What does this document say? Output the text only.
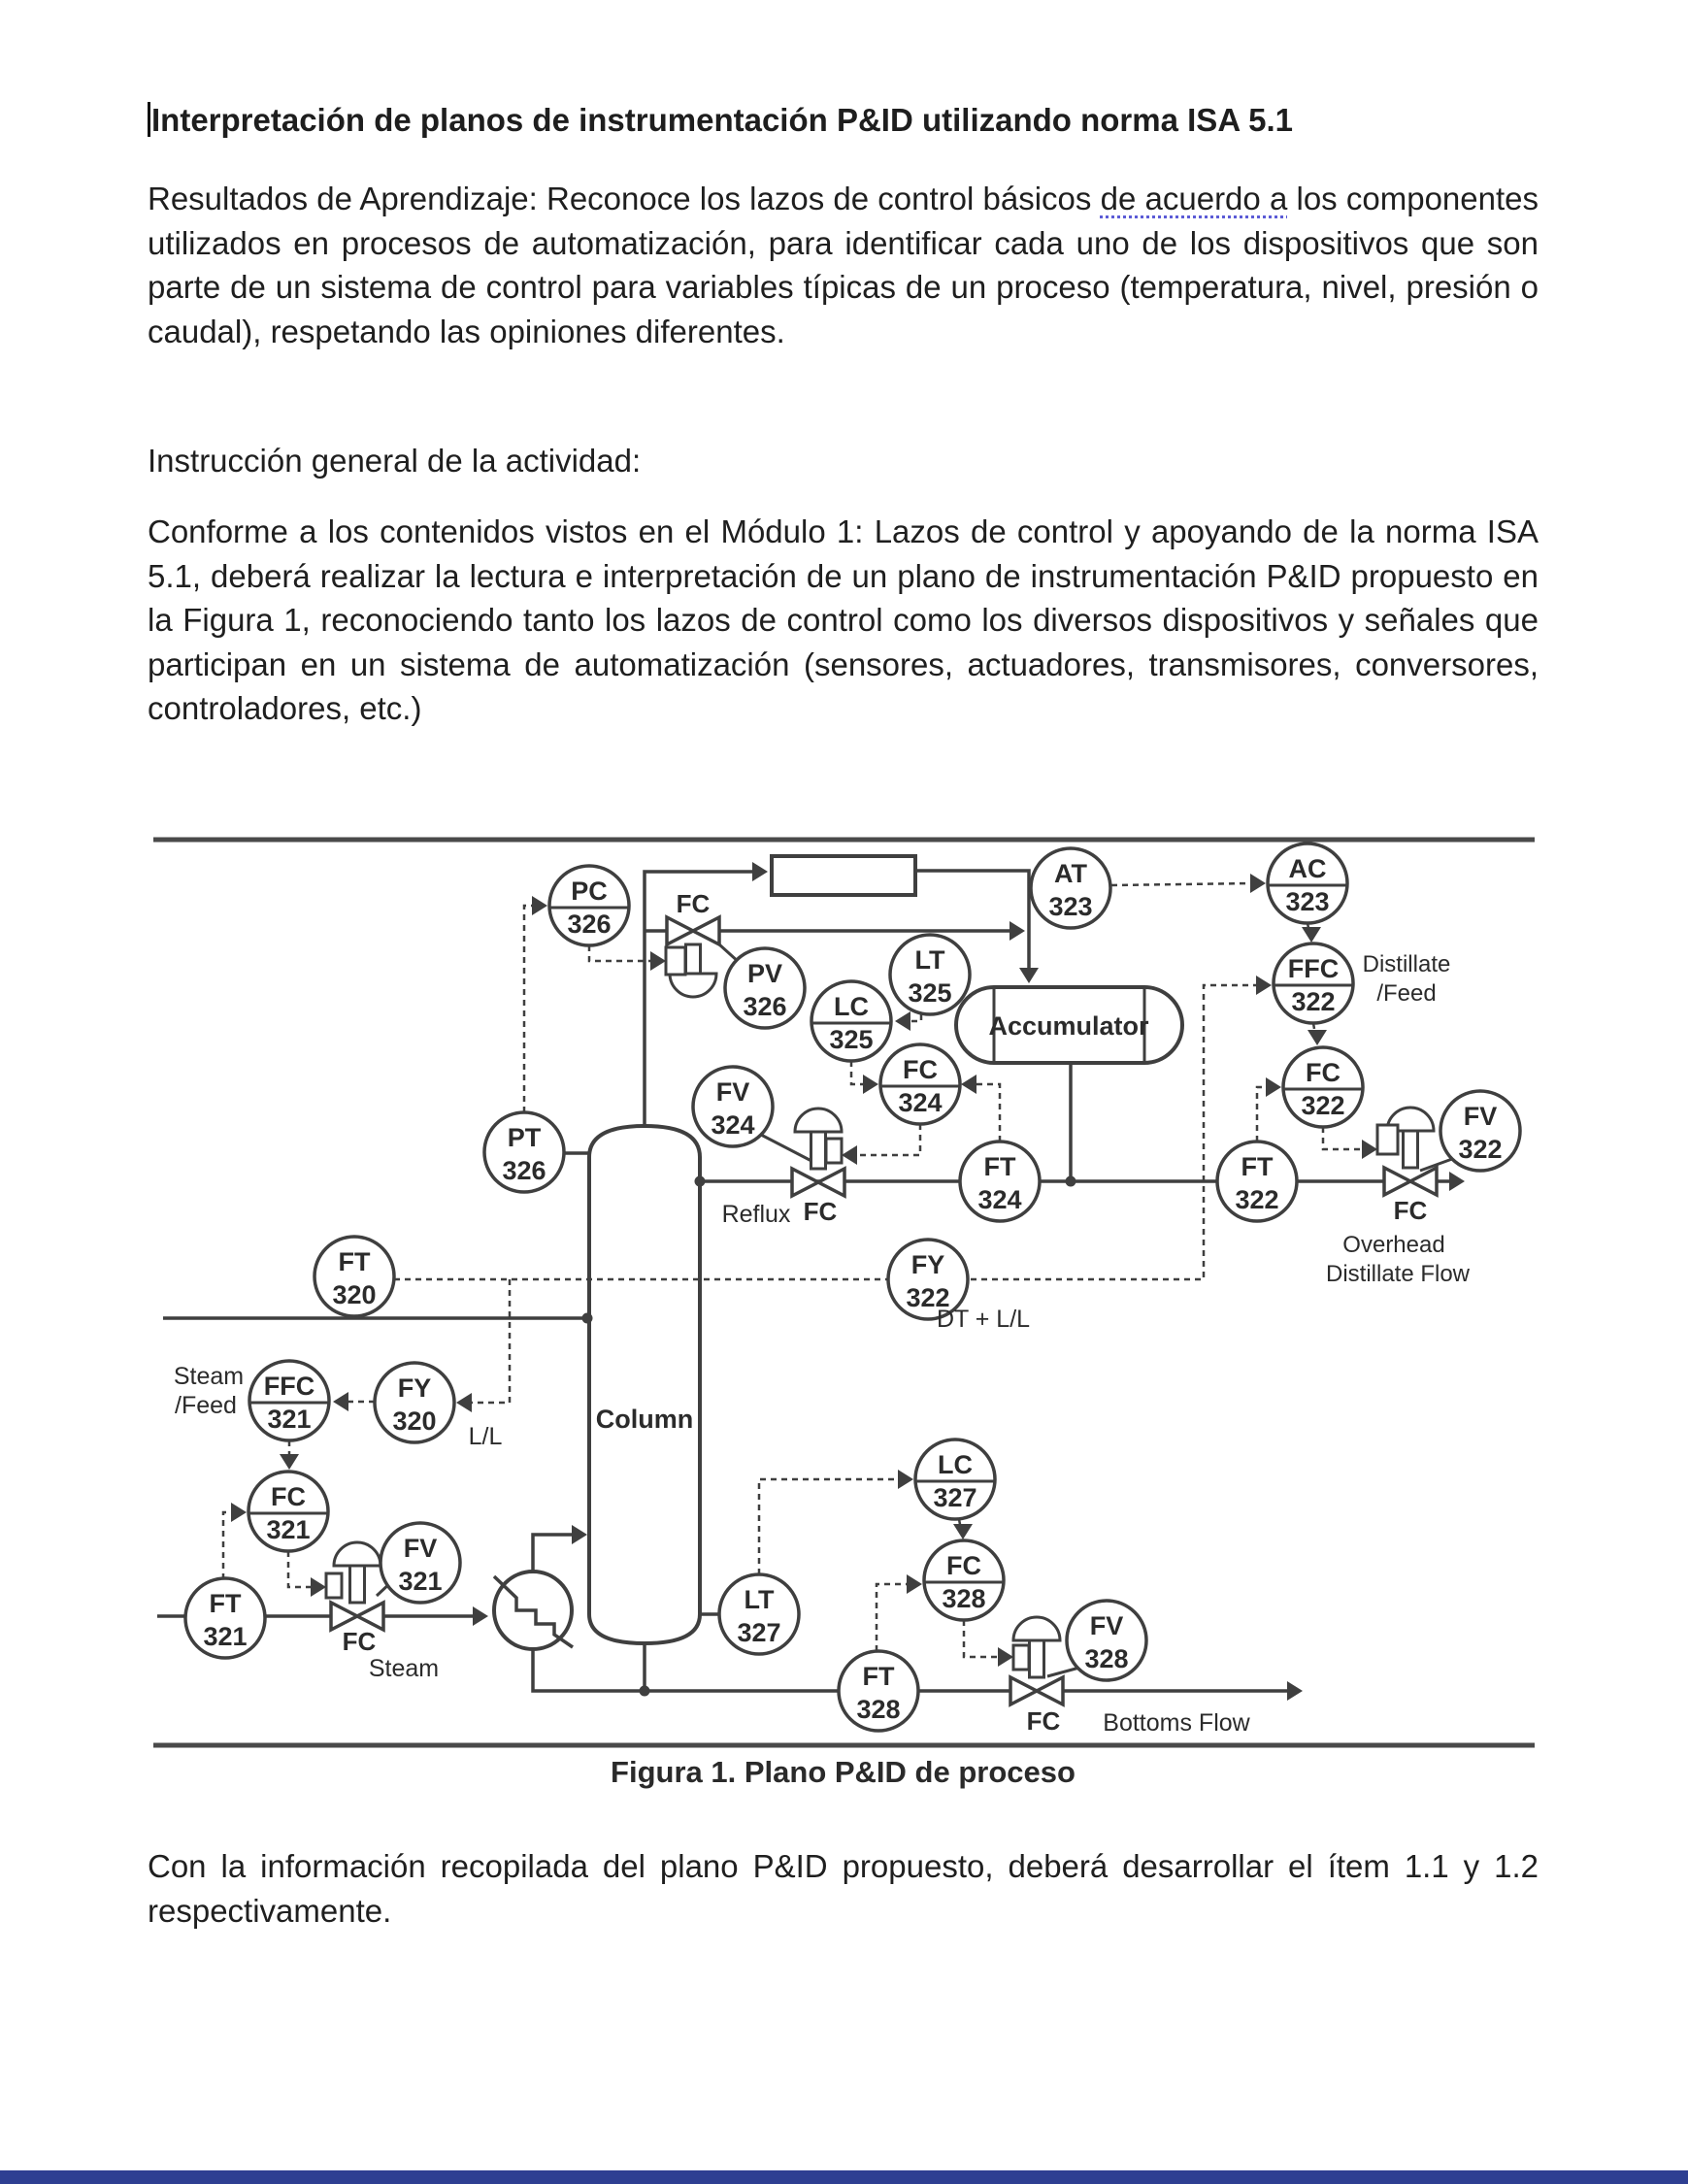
Interpretación de planos de instrumentación P&ID utilizando norma ISA 5.1
Resultados de Aprendizaje: Reconoce los lazos de control básicos de acuerdo a los componentes utilizados en procesos de automatización, para identificar cada uno de los dispositivos que son parte de un sistema de control para variables típicas de un proceso (temperatura, nivel, presión o caudal), respetando las opiniones diferentes.
Instrucción general de la actividad:
Conforme a los contenidos vistos en el Módulo 1: Lazos de control y apoyando de la norma ISA 5.1, deberá realizar la lectura e interpretación de un plano de instrumentación P&ID propuesto en la Figura 1, reconociendo tanto los lazos de control como los diversos dispositivos y señales que participan en un sistema de automatización (sensores, actuadores, transmisores, conversores, controladores, etc.)
PC
326
AT
323
AC
323
PV
326
LT
325
LC
325
FFC
322
FC
324
FC
322
FV
324	FV
322
PT
326	FT
324
FT
322
FT
320
FY
322
FFC
321
FY
320
FC
321
FV
321
FT
321
LC
327
FC
328
LT
327	FV
328
FT
328
FC
Reflux FC	FC
Overhead
Distillate Flow
Distillate
/Feed
DT + L/L
L/L
Steam
/Feed	Column
Accumulator
FC
Steam
FC Bottoms Flow
Figura 1. Plano P&ID de proceso
Con la información recopilada del plano P&ID propuesto, deberá desarrollar el ítem 1.1 y 1.2 respectivamente.
